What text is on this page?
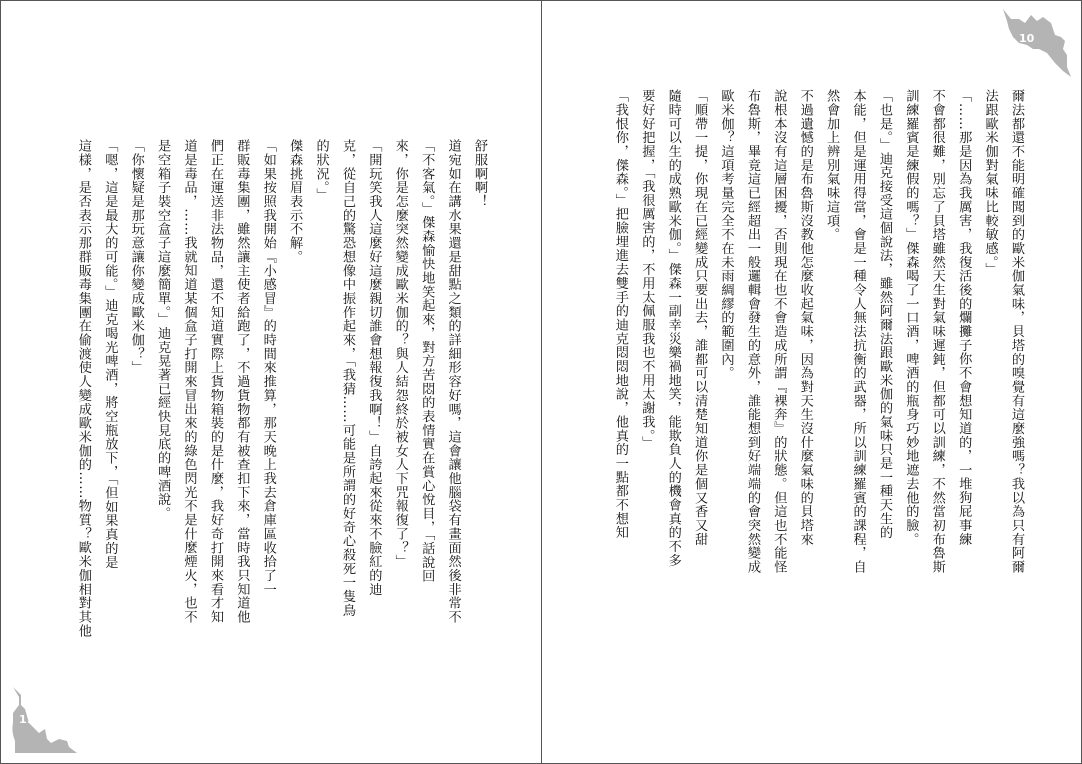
舒服啊啊！
道宛如在講水果還是甜點之類的詳細形容好嗎，這會讓他腦袋有畫面然後非常不
「不客氣。」傑森愉快地笑起來，對方苦悶的表情實在賞心悅目，「話說回
來，你是怎麼突然變成歐米伽的？與人結怨終於被女人下咒報復了？」
「開玩笑我人這麼好這麼親切誰會想報復我啊！」自誇起來從來不臉紅的迪
克，從自己的驚恐想像中振作起來，「我猜……可能是所謂的好奇心殺死一隻鳥
的狀況。」
傑森挑眉表示不解。
「如果按照我開始『小感冒』的時間來推算，那天晚上我去倉庫區收拾了一
群販毒集團，雖然讓主使者給跑了，不過貨物都有被查扣下來，當時我只知道他
們正在運送非法物品，還不知道實際上貨物箱裝的是什麼，我好奇打開來看才知
道是毒品，……我就知道某個盒子打開來冒出來的綠色閃光不是什麼煙火，也不
是空箱子裝空盒子這麼簡單。」迪克晃著已經快見底的啤酒說。
「你懷疑是那玩意讓你變成歐米伽？」
「嗯，這是最大的可能。」迪克喝光啤酒，將空瓶放下，「但如果真的是
這樣，是否表示那群販毒集團在偷渡使人變成歐米伽的……物質？歐米伽相對其他
11
爾法都還不能明確聞到的歐米伽氣味，貝塔的嗅覺有這麼強嗎？我以為只有阿爾
法跟歐米伽對氣味比較敏感。」
「……那是因為我厲害，我復活後的爛攤子你不會想知道的，一堆狗屁事練
不會都很難，別忘了貝塔雖然天生對氣味遲鈍，但都可以訓練，不然當初布魯斯
訓練羅賓是練假的嗎？」傑森喝了一口酒，啤酒的瓶身巧妙地遮去他的臉。
「也是。」迪克接受這個說法，雖然阿爾法跟歐米伽的氣味只是一種天生的
本能，但是運用得當，會是一種令人無法抗衡的武器，所以訓練羅賓的課程，自
然會加上辨別氣味這項。
不過遺憾的是布魯斯沒教他怎麼收起氣味，因為對天生沒什麼氣味的貝塔來
說根本沒有這層困擾，否則現在也不會造成所謂『裸奔』的狀態。但這也不能怪
布魯斯，畢竟這已經超出一般邏輯會發生的意外，誰能想到好端端的會突然變成
歐米伽？這項考量完全不在未雨綢繆的範圍內。
「順帶一提，你現在已經變成只要出去，誰都可以清楚知道你是個又香又甜
隨時可以生的成熟歐米伽。」傑森一副幸災樂禍地笑，能欺負人的機會真的不多
要好好把握，「我很厲害的，不用太佩服我也不用太謝我。」
「我恨你，傑森。」把臉埋進去雙手的迪克悶悶地說，他真的一點都不想知
10
